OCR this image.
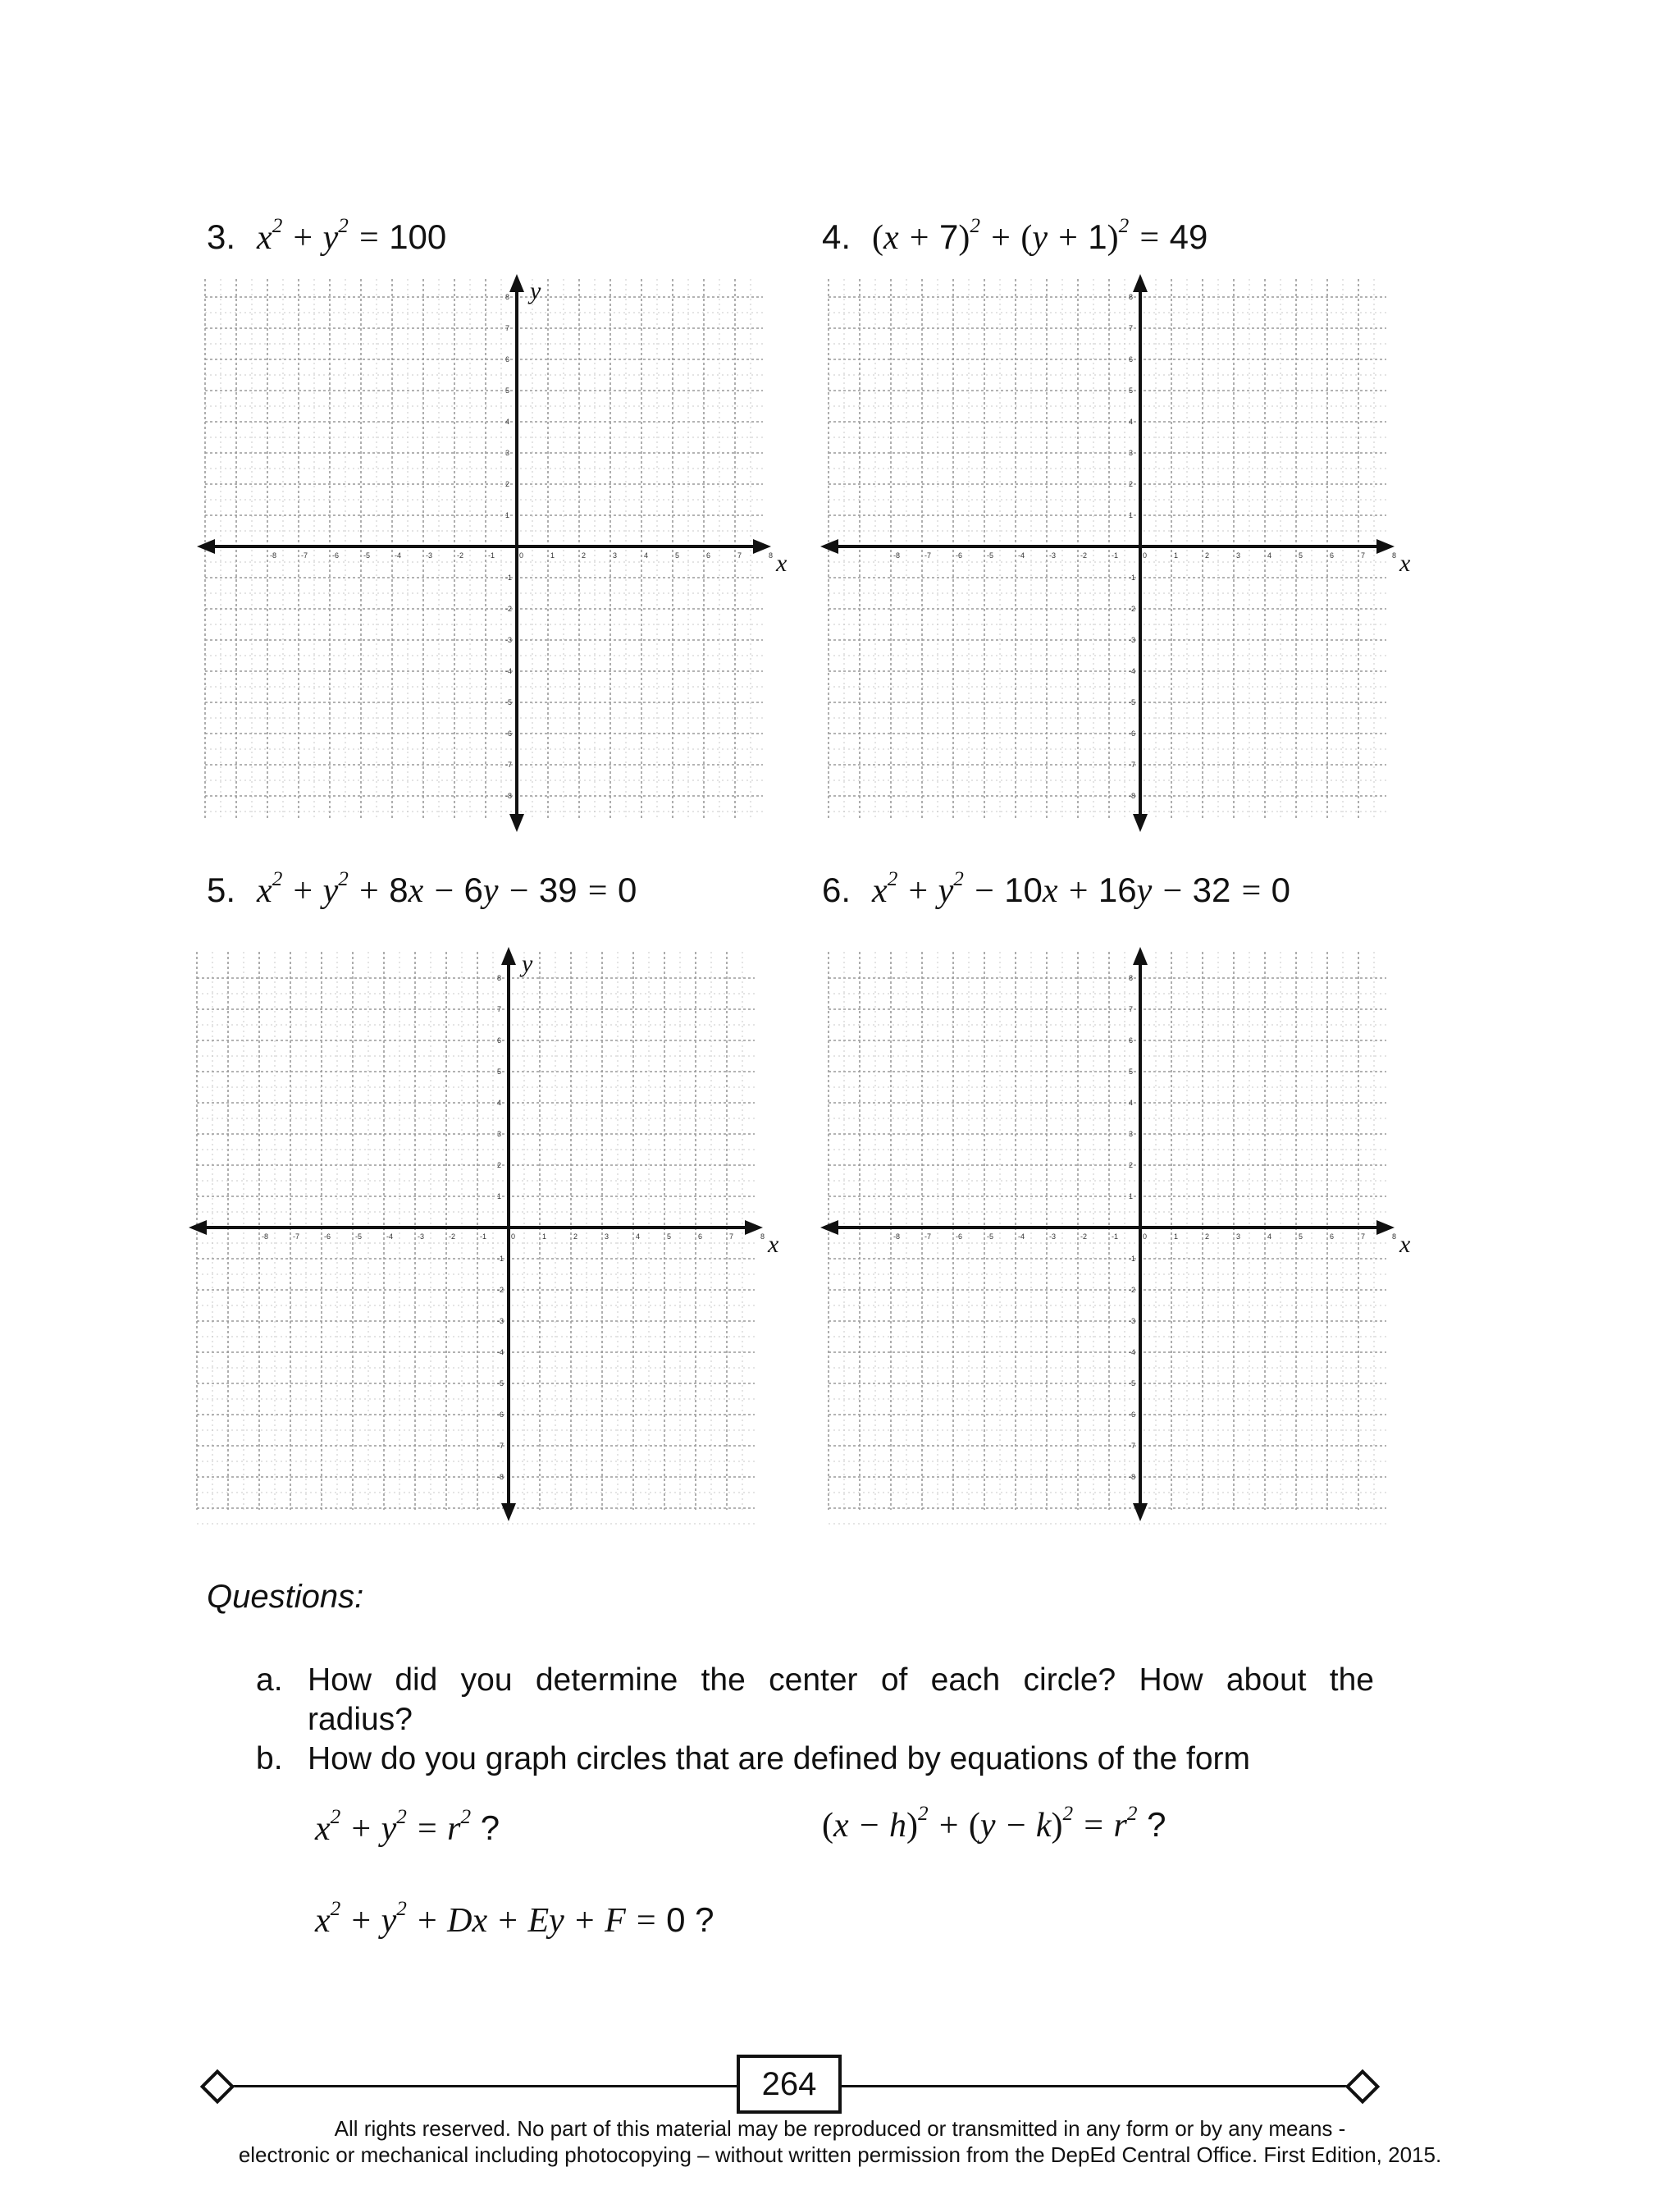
3. $x^2 + y^2 = 100$	4. $(x + 7)^2 + (y + 1)^2 = 49$
5. $x^2 + y^2 + 8x - 6y - 39 = 0$	6. $x^2 + y^2 - 10x + 16y - 32 = 0$
-8	-7	-6	-5	-4	-3	-2	-1	0	1	2	3	4	5	6	7	8
8
7
6
5
4
3
2
1
-1
-2
-3
-4
-5
-6
-7
-8
x
y
-8	-7	-6	-5	-4	-3	-2	-1	0	1	2	3	4	5	6	7	8
8
7
6
5
4
3
2
1
-1
-2
-3
-4
-5
-6
-7
-8
x
-8	-7	-6	-5	-4	-3	-2	-1	0	1	2	3	4	5	6	7	8
8
7
6
5
4
3
2
1
-1
-2
-3
-4
-5
-6
-7
-8
x
y
-8	-7	-6	-5	-4	-3	-2	-1	0	1	2	3	4	5	6	7	8
8
7
6
5
4
3
2
1
-1
-2
-3
-4
-5
-6
-7
-8
x
Questions:
a. How did you determine the center of each circle? How about the
radius?
b. How do you graph circles that are defined by equations of the form
$x^2 + y^2 = r^2$ ?	$(x - h)^2 + (y - k)^2 = r^2$ ?
$x^2 + y^2 + Dx + Ey + F = 0$ ?
264
All rights reserved. No part of this material may be reproduced or transmitted in any form or by any means -
electronic or mechanical including photocopying – without written permission from the DepEd Central Office. First Edition, 2015.
